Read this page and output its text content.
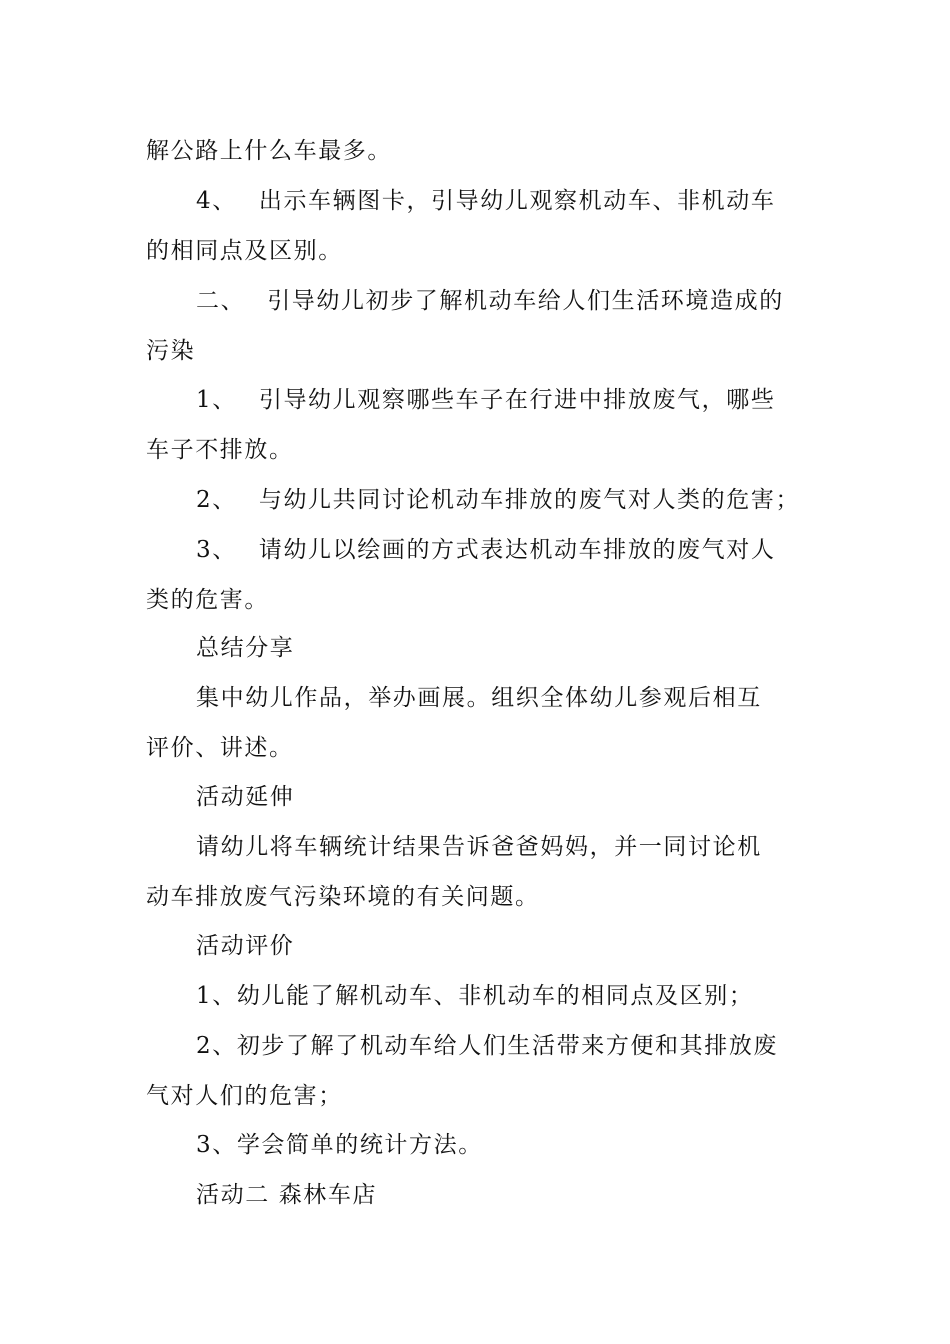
解公路上什么车最多。
4、 出示车辆图卡，引导幼儿观察机动车、非机动车
的相同点及区别。
二、 引导幼儿初步了解机动车给人们生活环境造成的
污染
1、 引导幼儿观察哪些车子在行进中排放废气，哪些
车子不排放。
2、 与幼儿共同讨论机动车排放的废气对人类的危害；
3、 请幼儿以绘画的方式表达机动车排放的废气对人
类的危害。
总结分享
集中幼儿作品，举办画展。组织全体幼儿参观后相互
评价、讲述。
活动延伸
请幼儿将车辆统计结果告诉爸爸妈妈，并一同讨论机
动车排放废气污染环境的有关问题。
活动评价
1、幼儿能了解机动车、非机动车的相同点及区别；
2、初步了解了机动车给人们生活带来方便和其排放废
气对人们的危害；
3、学会简单的统计方法。
活动二 森林车店
